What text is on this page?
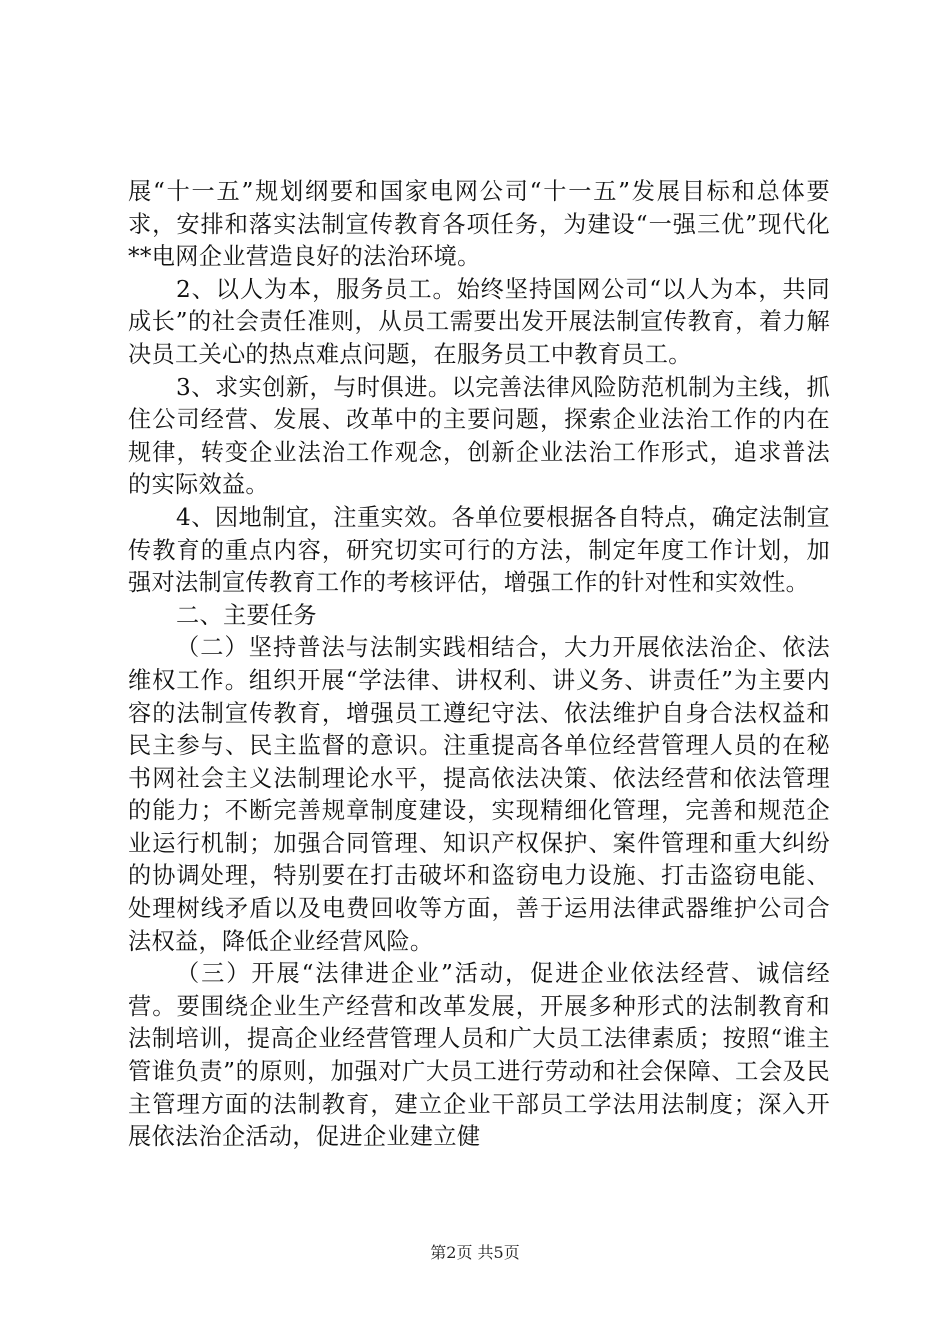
展“十一五”规划纲要和国家电网公司“十一五”发展目标和总体要求，安排和落实法制宣传教育各项任务，为建设“一强三优”现代化**电网企业营造良好的法治环境。

2、以人为本，服务员工。始终坚持国网公司“以人为本，共同成长”的社会责任准则，从员工需要出发开展法制宣传教育，着力解决员工关心的热点难点问题，在服务员工中教育员工。

3、求实创新，与时俱进。以完善法律风险防范机制为主线，抓住公司经营、发展、改革中的主要问题，探索企业法治工作的内在规律，转变企业法治工作观念，创新企业法治工作形式，追求普法的实际效益。

4、因地制宜，注重实效。各单位要根据各自特点，确定法制宣传教育的重点内容，研究切实可行的方法，制定年度工作计划，加强对法制宣传教育工作的考核评估，增强工作的针对性和实效性。

二、主要任务

（二）坚持普法与法制实践相结合，大力开展依法治企、依法维权工作。组织开展“学法律、讲权利、讲义务、讲责任”为主要内容的法制宣传教育，增强员工遵纪守法、依法维护自身合法权益和民主参与、民主监督的意识。注重提高各单位经营管理人员的在秘书网社会主义法制理论水平，提高依法决策、依法经营和依法管理的能力；不断完善规章制度建设，实现精细化管理，完善和规范企业运行机制；加强合同管理、知识产权保护、案件管理和重大纠纷的协调处理，特别要在打击破坏和盗窃电力设施、打击盗窃电能、处理树线矛盾以及电费回收等方面，善于运用法律武器维护公司合法权益，降低企业经营风险。

（三）开展“法律进企业”活动，促进企业依法经营、诚信经营。要围绕企业生产经营和改革发展，开展多种形式的法制教育和法制培训，提高企业经营管理人员和广大员工法律素质；按照“谁主管谁负责”的原则，加强对广大员工进行劳动和社会保障、工会及民主管理方面的法制教育，建立企业干部员工学法用法制度；深入开展依法治企活动，促进企业建立健

第2页 共5页
